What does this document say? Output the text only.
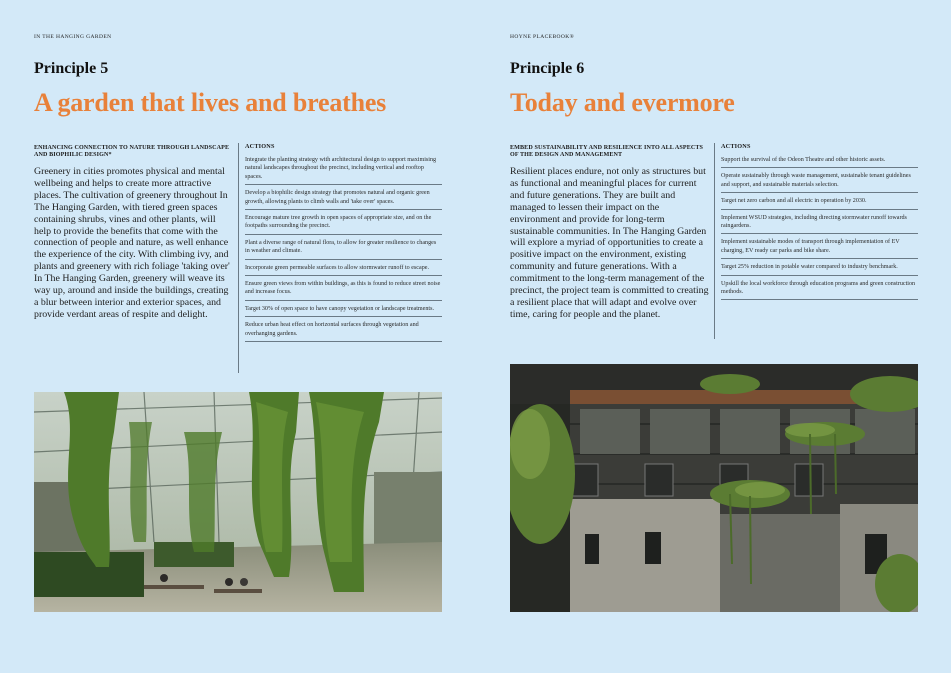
IN THE HANGING GARDEN
Principle 5
A garden that lives and breathes
ENHANCING CONNECTION TO NATURE THROUGH LANDSCAPE AND BIOPHILIC DESIGN*
Greenery in cities promotes physical and mental wellbeing and helps to create more attractive places. The cultivation of greenery throughout In The Hanging Garden, with tiered green spaces containing shrubs, vines and other plants, will help to provide the benefits that come with the connection of people and nature, as well enhance the experience of the city. With climbing ivy, and plants and greenery with rich foliage 'taking over' In The Hanging Garden, greenery will weave its way up, around and inside the buildings, creating a blur between interior and exterior spaces, and provide verdant areas of respite and delight.
ACTIONS
Integrate the planting strategy with architectural design to support maximising natural landscapes throughout the precinct, including vertical and rooftop spaces.
Develop a biophilic design strategy that promotes natural and organic green growth, allowing plants to climb walls and 'take over' spaces.
Encourage mature tree growth in open spaces of appropriate size, and on the footpaths surrounding the precinct.
Plant a diverse range of natural flora, to allow for greater resilience to changes in weather and climate.
Incorporate green permeable surfaces to allow stormwater runoff to escape.
Ensure green views from within buildings, as this is found to reduce street noise and increase focus.
Target 30% of open space to have canopy vegetation or landscape treatments.
Reduce urban heat effect on horizontal surfaces through vegetation and overhanging gardens.
HOYNE PLACEBOOK®
Principle 6
Today and evermore
EMBED SUSTAINABILITY AND RESILIENCE INTO ALL ASPECTS OF THE DESIGN AND MANAGEMENT
Resilient places endure, not only as structures but as functional and meaningful places for current and future generations. They are built and managed to lessen their impact on the environment and provide for long-term sustainable communities. In The Hanging Garden will explore a myriad of opportunities to create a positive impact on the environment, existing community and future generations. With a commitment to the long-term management of the precinct, the project team is committed to creating a resilient place that will adapt and evolve over time, caring for people and the planet.
ACTIONS
Support the survival of the Odeon Theatre and other historic assets.
Operate sustainably through waste management, sustainable tenant guidelines and support, and sustainable materials selection.
Target net zero carbon and all electric in operation by 2030.
Implement WSUD strategies, including directing stormwater runoff towards raingardens.
Implement sustainable modes of transport through implementation of EV charging, EV ready car parks and bike share.
Target 25% reduction in potable water compared to industry benchmark.
Upskill the local workforce through education programs and green construction methods.
